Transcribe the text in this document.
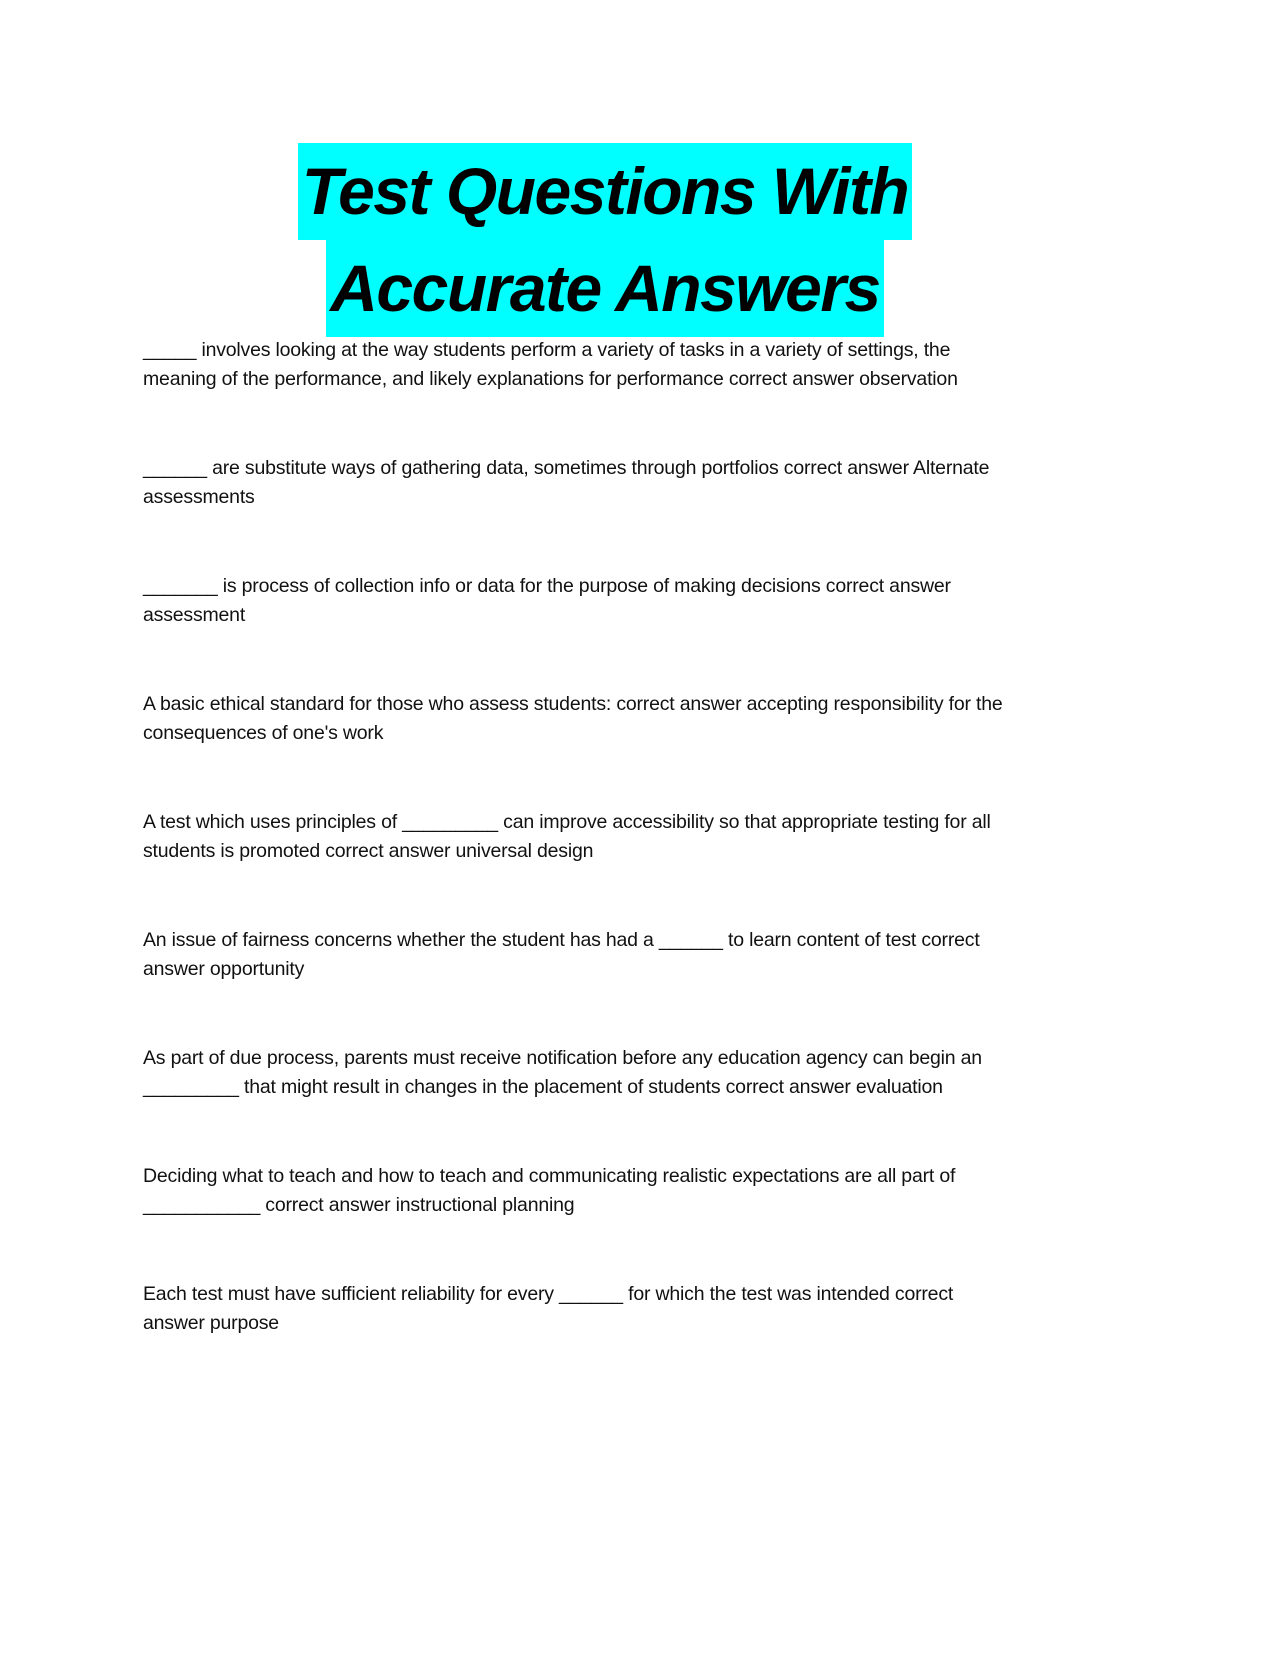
Test Questions With
Accurate Answers
_____ involves looking at the way students perform a variety of tasks in a variety of settings, the
meaning of the performance, and likely explanations for performance correct answer observation
______ are substitute ways of gathering data, sometimes through portfolios correct answer Alternate
assessments
_______ is process of collection info or data for the purpose of making decisions correct answer
assessment
A basic ethical standard for those who assess students: correct answer accepting responsibility for the
consequences of one's work
A test which uses principles of _________ can improve accessibility so that appropriate testing for all
students is promoted correct answer universal design
An issue of fairness concerns whether the student has had a ______ to learn content of test correct
answer opportunity
As part of due process, parents must receive notification before any education agency can begin an
_________ that might result in changes in the placement of students correct answer evaluation
Deciding what to teach and how to teach and communicating realistic expectations are all part of
___________ correct answer instructional planning
Each test must have sufficient reliability for every ______ for which the test was intended correct
answer purpose
